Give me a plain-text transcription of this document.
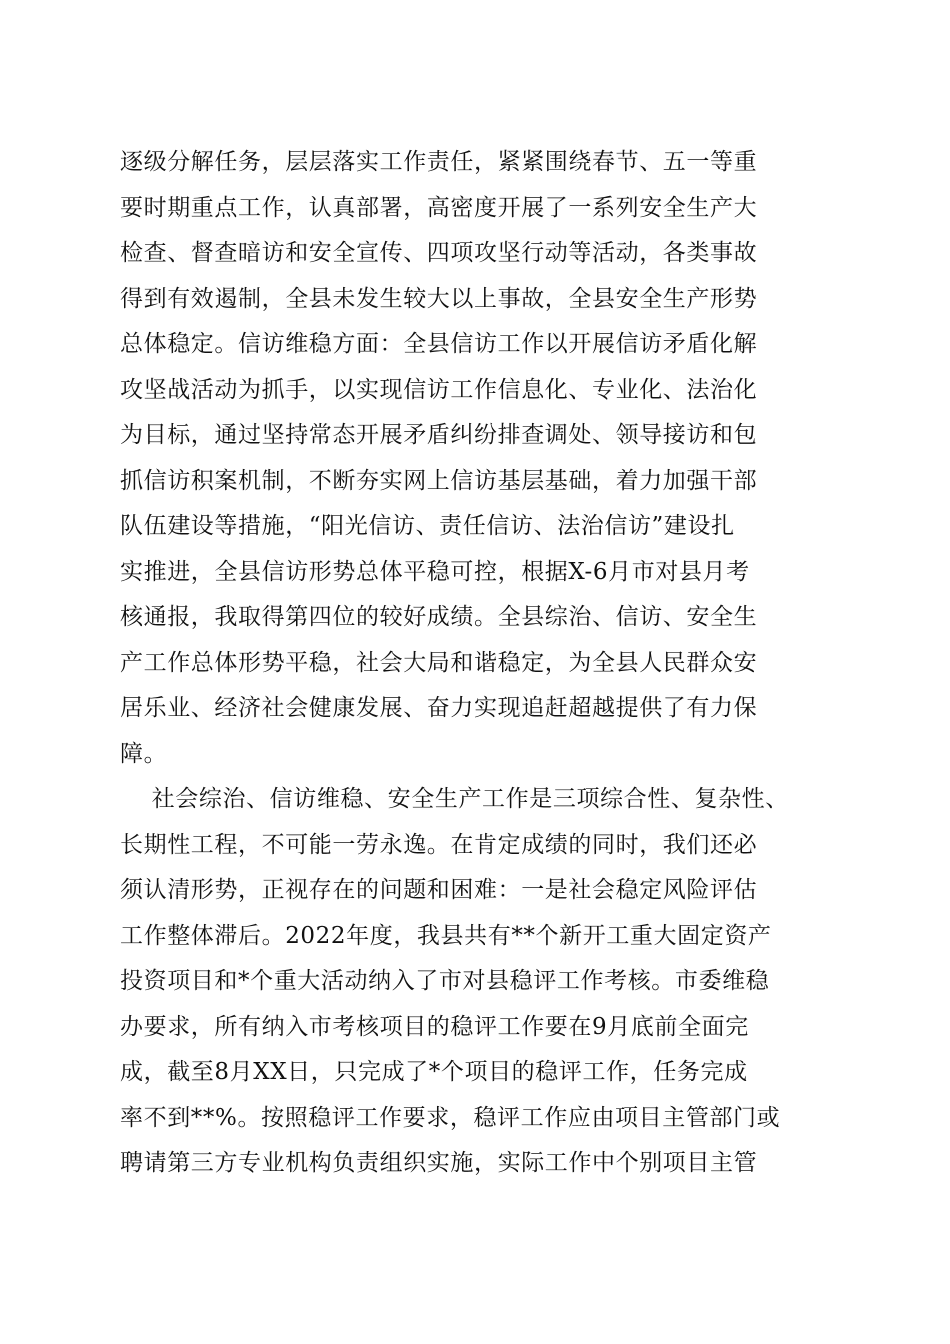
逐级分解任务，层层落实工作责任，紧紧围绕春节、五一等重
要时期重点工作，认真部署，高密度开展了一系列安全生产大
检查、督查暗访和安全宣传、四项攻坚行动等活动，各类事故
得到有效遏制，全县未发生较大以上事故，全县安全生产形势
总体稳定。信访维稳方面：全县信访工作以开展信访矛盾化解
攻坚战活动为抓手，以实现信访工作信息化、专业化、法治化
为目标，通过坚持常态开展矛盾纠纷排查调处、领导接访和包
抓信访积案机制，不断夯实网上信访基层基础，着力加强干部
队伍建设等措施，“阳光信访、责任信访、法治信访”建设扎
实推进，全县信访形势总体平稳可控，根据X-6月市对县月考
核通报，我取得第四位的较好成绩。全县综治、信访、安全生
产工作总体形势平稳，社会大局和谐稳定，为全县人民群众安
居乐业、经济社会健康发展、奋力实现追赶超越提供了有力保
障。
社会综治、信访维稳、安全生产工作是三项综合性、复杂性、
长期性工程，不可能一劳永逸。在肯定成绩的同时，我们还必
须认清形势，正视存在的问题和困难：一是社会稳定风险评估
工作整体滞后。2022年度，我县共有**个新开工重大固定资产
投资项目和*个重大活动纳入了市对县稳评工作考核。市委维稳
办要求，所有纳入市考核项目的稳评工作要在9月底前全面完
成，截至8月XX日，只完成了*个项目的稳评工作，任务完成
率不到**%。按照稳评工作要求，稳评工作应由项目主管部门或
聘请第三方专业机构负责组织实施，实际工作中个别项目主管
